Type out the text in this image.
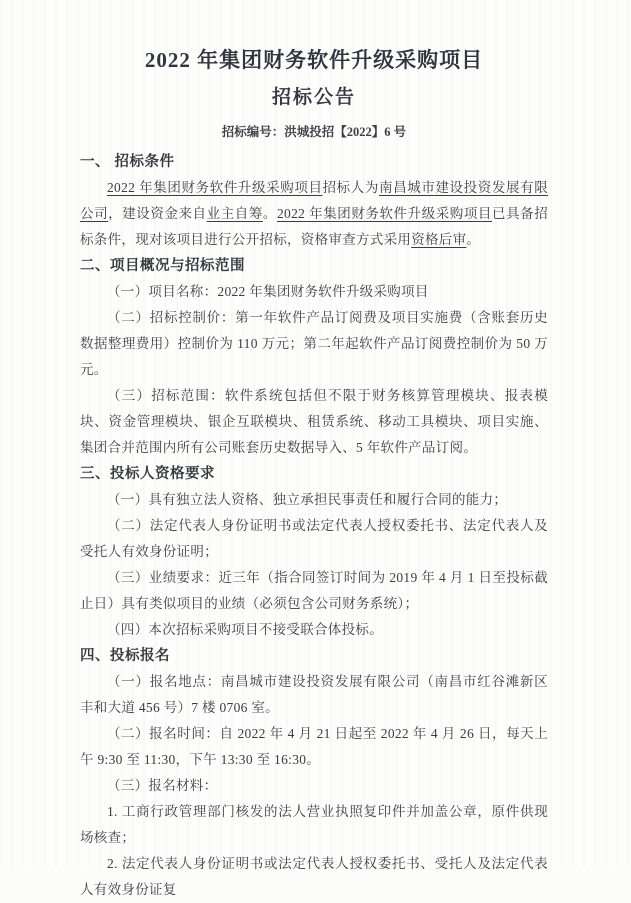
2022 年集团财务软件升级采购项目
招标公告
招标编号：洪城投招【2022】6 号
一、 招标条件

2022 年集团财务软件升级采购项目招标人为南昌城市建设投资发展有限公司，建设资金来自业主自筹。2022 年集团财务软件升级采购项目已具备招标条件，现对该项目进行公开招标，资格审查方式采用资格后审。

二、项目概况与招标范围

（一）项目名称：2022 年集团财务软件升级采购项目

（二）招标控制价：第一年软件产品订阅费及项目实施费（含账套历史数据整理费用）控制价为 110 万元；第二年起软件产品订阅费控制价为 50 万元。

（三）招标范围：软件系统包括但不限于财务核算管理模块、报表模块、资金管理模块、银企互联模块、租赁系统、移动工具模块、项目实施、集团合并范围内所有公司账套历史数据导入、5 年软件产品订阅。

三、投标人资格要求

（一）具有独立法人资格、独立承担民事责任和履行合同的能力；

（二）法定代表人身份证明书或法定代表人授权委托书、法定代表人及受托人有效身份证明；

（三）业绩要求：近三年（指合同签订时间为 2019 年 4 月 1 日至投标截止日）具有类似项目的业绩（必须包含公司财务系统）；

（四）本次招标采购项目不接受联合体投标。

四、投标报名

（一）报名地点：南昌城市建设投资发展有限公司（南昌市红谷滩新区丰和大道 456 号）7 楼 0706 室。

（二）报名时间：自 2022 年 4 月 21 日起至 2022 年 4 月 26 日，每天上午 9:30 至 11:30，下午 13:30 至 16:30。

（三）报名材料：

1. 工商行政管理部门核发的法人营业执照复印件并加盖公章，原件供现场核查；

2. 法定代表人身份证明书或法定代表人授权委托书、受托人及法定代表人有效身份证复
